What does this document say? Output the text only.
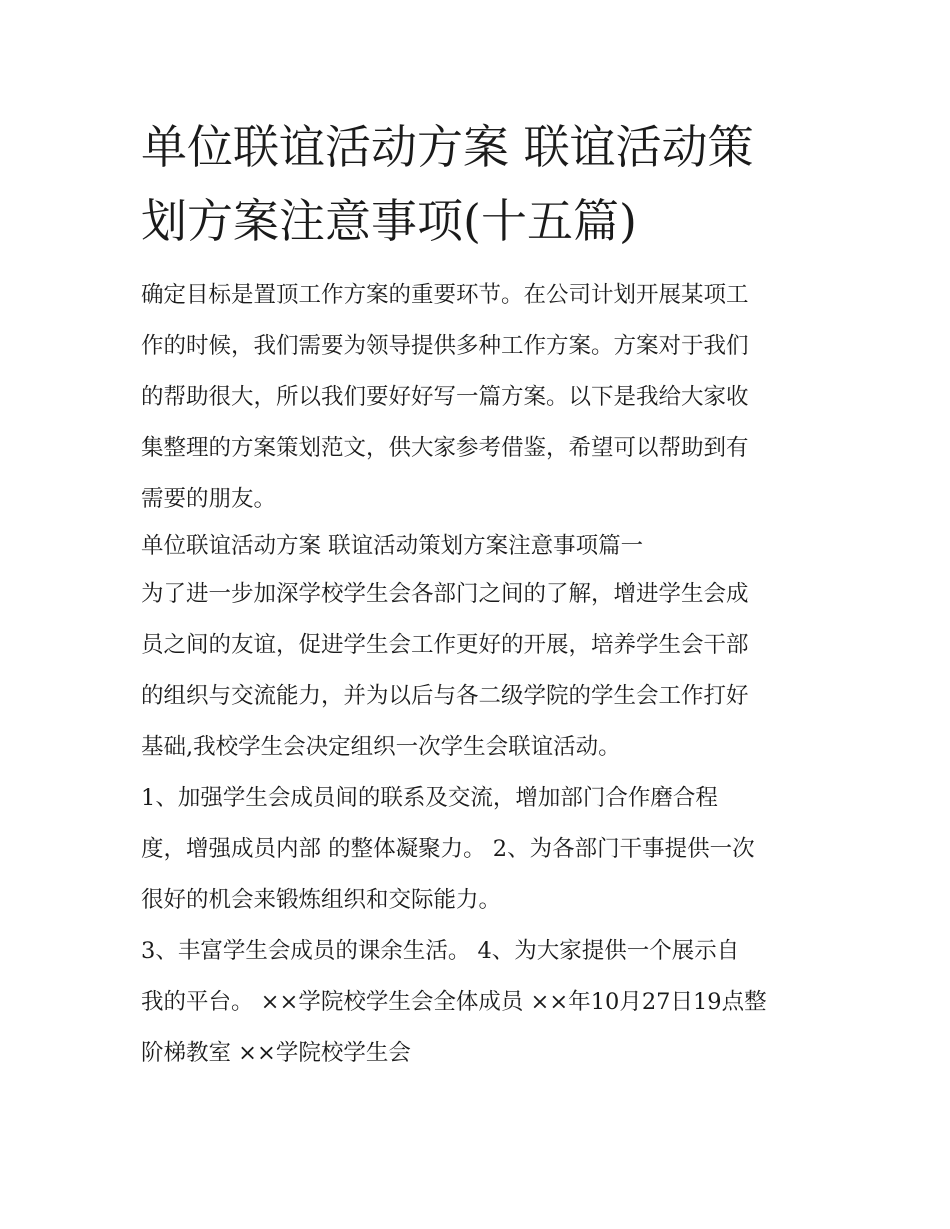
单位联谊活动方案 联谊活动策
划方案注意事项(十五篇)

确定目标是置顶工作方案的重要环节。在公司计划开展某项工
作的时候，我们需要为领导提供多种工作方案。方案对于我们
的帮助很大，所以我们要好好写一篇方案。以下是我给大家收
集整理的方案策划范文，供大家参考借鉴，希望可以帮助到有
需要的朋友。

单位联谊活动方案 联谊活动策划方案注意事项篇一

为了进一步加深学校学生会各部门之间的了解，增进学生会成
员之间的友谊，促进学生会工作更好的开展，培养学生会干部
的组织与交流能力，并为以后与各二级学院的学生会工作打好
基础,我校学生会决定组织一次学生会联谊活动。

1、加强学生会成员间的联系及交流，增加部门合作磨合程
度，增强成员内部 的整体凝聚力。 2、为各部门干事提供一次
很好的机会来锻炼组织和交际能力。

3、丰富学生会成员的课余生活。 4、为大家提供一个展示自
我的平台。 ××学院校学生会全体成员 ××年10月27日19点整
阶梯教室 ××学院校学生会
